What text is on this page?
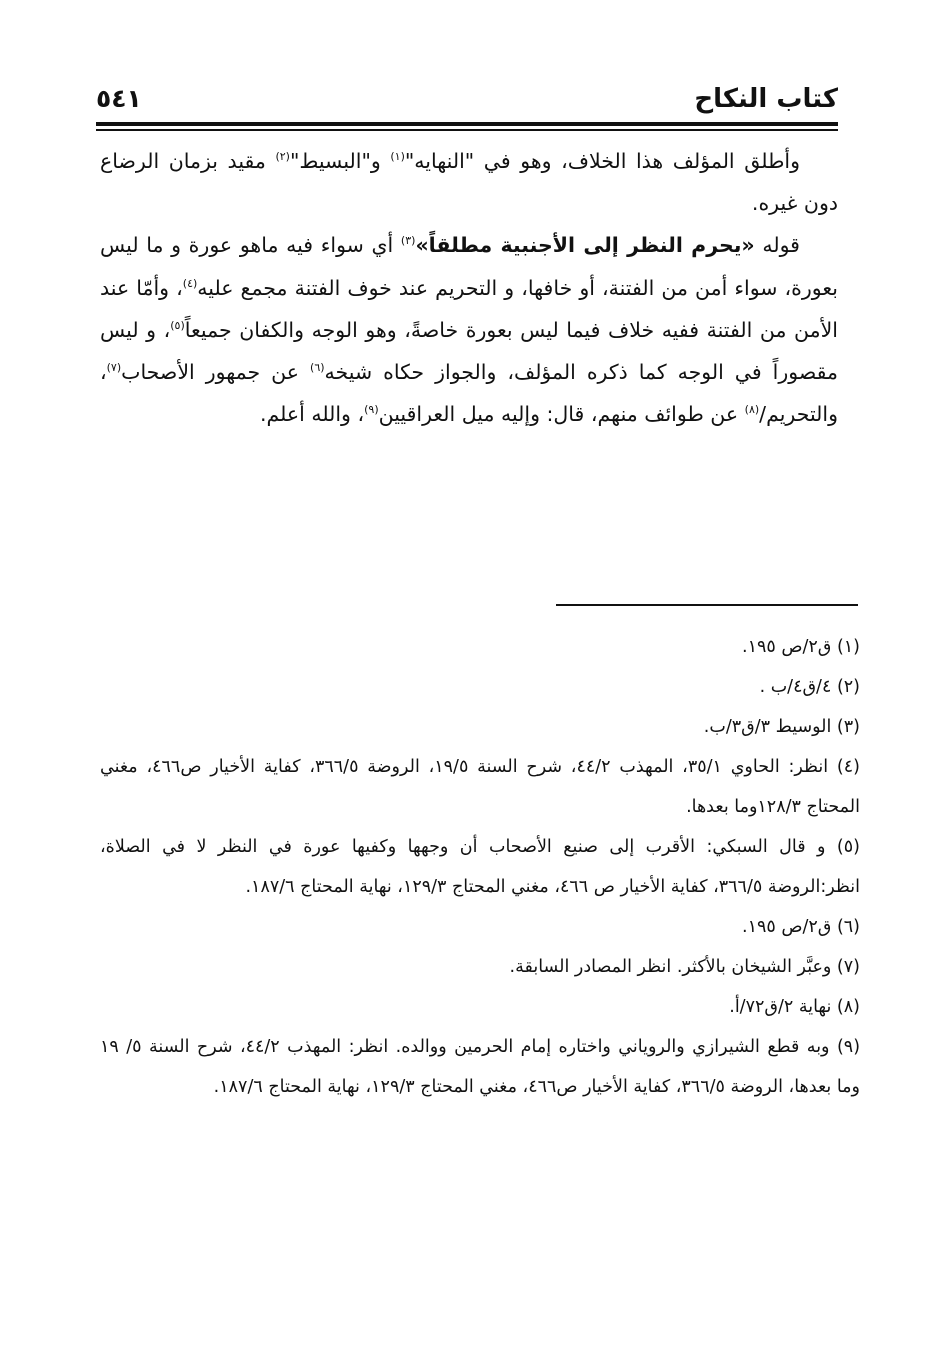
كتاب النكاح
٥٤١

وأطلق المؤلف هذا الخلاف، وهو في "النهايه"$^{(١)}$ و"البسيط"$^{(٢)}$ مقيد بزمان الرضاع دون غيره.

قوله «يحرم النظر إلى الأجنبية مطلقاً»$^{(٣)}$ أي سواء فيه ماهو عورة و ما ليس بعورة، سواء أمن من الفتنة، أو خافها، و التحريم عند خوف الفتنة مجمع عليه$^{(٤)}$، وأمّا عند الأمن من الفتنة ففيه خلاف فيما ليس بعورة خاصةً، وهو الوجه والكفان جميعاً$^{(٥)}$، و ليس مقصوراً في الوجه كما ذكره المؤلف، والجواز حكاه شيخه$^{(٦)}$ عن جمهور الأصحاب$^{(٧)}$، والتحريم/$^{(٨)}$ عن طوائف منهم، قال: وإليه ميل العراقيين$^{(٩)}$، والله أعلم.

(١) ق٢/ص ١٩٥.

(٢) ٤/ق٤/ب .

(٣) الوسيط ٣/ق٣/ب.

(٤) انظر: الحاوي ٣٥/١، المهذب ٤٤/٢، شرح السنة ١٩/٥، الروضة ٣٦٦/٥، كفاية الأخيار ص٤٦٦، مغني المحتاج ١٢٨/٣وما بعدها.

(٥) و قال السبكي: الأقرب إلى صنيع الأصحاب أن وجهها وكفيها عورة في النظر لا في الصلاة، انظر:الروضة ٣٦٦/٥، كفاية الأخيار ص ٤٦٦، مغني المحتاج ١٢٩/٣، نهاية المحتاج ١٨٧/٦.

(٦) ق٢/ص ١٩٥.

(٧) وعبَّر الشيخان بالأكثر. انظر المصادر السابقة.

(٨) نهاية ٢/ق٧٢/أ.

(٩) وبه قطع الشيرازي والروياني واختاره إمام الحرمين ووالده. انظر: المهذب ٤٤/٢، شرح السنة ٥/ ١٩ وما بعدها، الروضة ٣٦٦/٥، كفاية الأخيار ص٤٦٦، مغني المحتاج ١٢٩/٣، نهاية المحتاج ١٨٧/٦.
